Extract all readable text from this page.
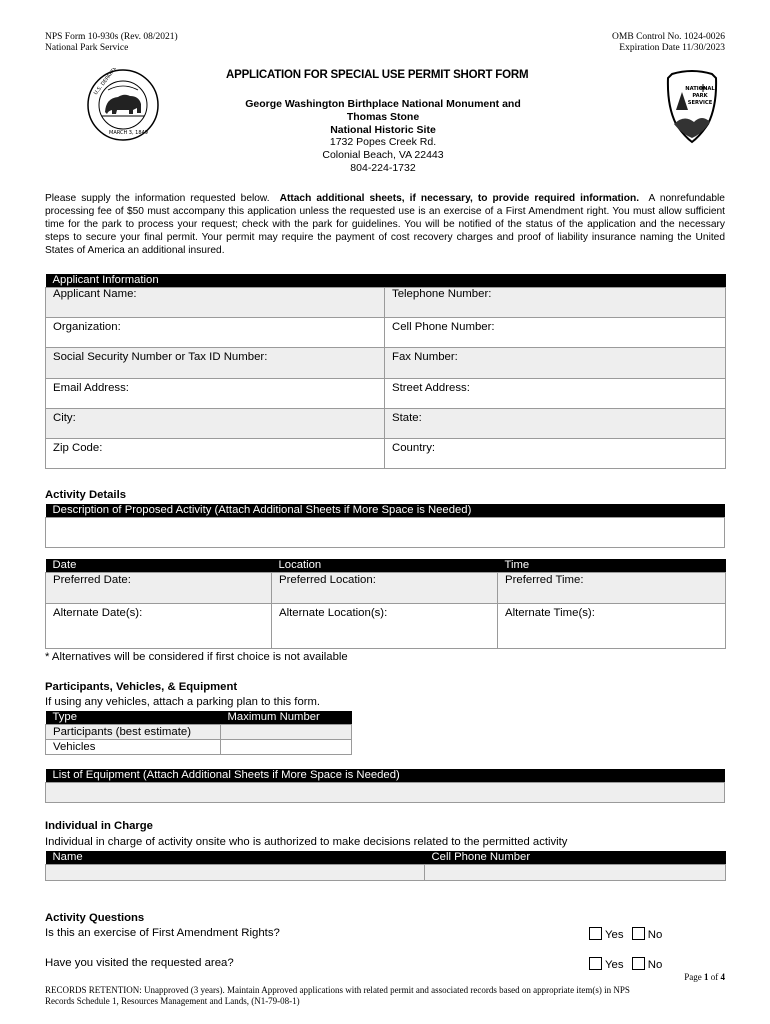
NPS Form 10-930s (Rev. 08/2021)
National Park Service
OMB Control No. 1024-0026
Expiration Date 11/30/2023
MARCH 3, 1849
APPLICATION FOR SPECIAL USE PERMIT SHORT FORM
George Washington Birthplace National Monument and
Thomas Stone
National Historic Site
1732 Popes Creek Rd.
Colonial Beach, VA 22443
804-224-1732
NATIONAL
PARK
SERVICE
Please supply the information requested below. Attach additional sheets, if necessary, to provide required information. A nonrefundable processing fee of $50 must accompany this application unless the requested use is an exercise of a First Amendment right. You must allow sufficient time for the park to process your request; check with the park for guidelines. You will be notified of the status of the application and the necessary steps to secure your final permit. Your permit may require the payment of cost recovery charges and proof of liability insurance naming the United States of America an additional insured.
Applicant Information	
Applicant Name:	Telephone Number:
Organization:	Cell Phone Number:
Social Security Number or Tax ID Number:	Fax Number:
Email Address:	Street Address:
City:	State:
Zip Code:	Country:
Activity Details
Description of Proposed Activity (Attach Additional Sheets if More Space is Needed)

Date	Location	Time
Preferred Date:	Preferred Location:	Preferred Time:
Alternate Date(s):	Alternate Location(s):	Alternate Time(s):
* Alternatives will be considered if first choice is not available
Participants, Vehicles, & Equipment
If using any vehicles, attach a parking plan to this form.
Type	Maximum Number
Participants (best estimate)	
Vehicles	
List of Equipment (Attach Additional Sheets if More Space is Needed)

Individual in Charge
Individual in charge of activity onsite who is authorized to make decisions related to the permitted activity
Name	Cell Phone Number

Activity Questions
Is this an exercise of First Amendment Rights?	Yes No
Have you visited the requested area?	Yes No
Page 1 of 4
RECORDS RETENTION: Unapproved (3 years). Maintain Approved applications with related permit and associated records based on appropriate item(s) in NPS
Records Schedule 1, Resources Management and Lands, (N1-79-08-1)
